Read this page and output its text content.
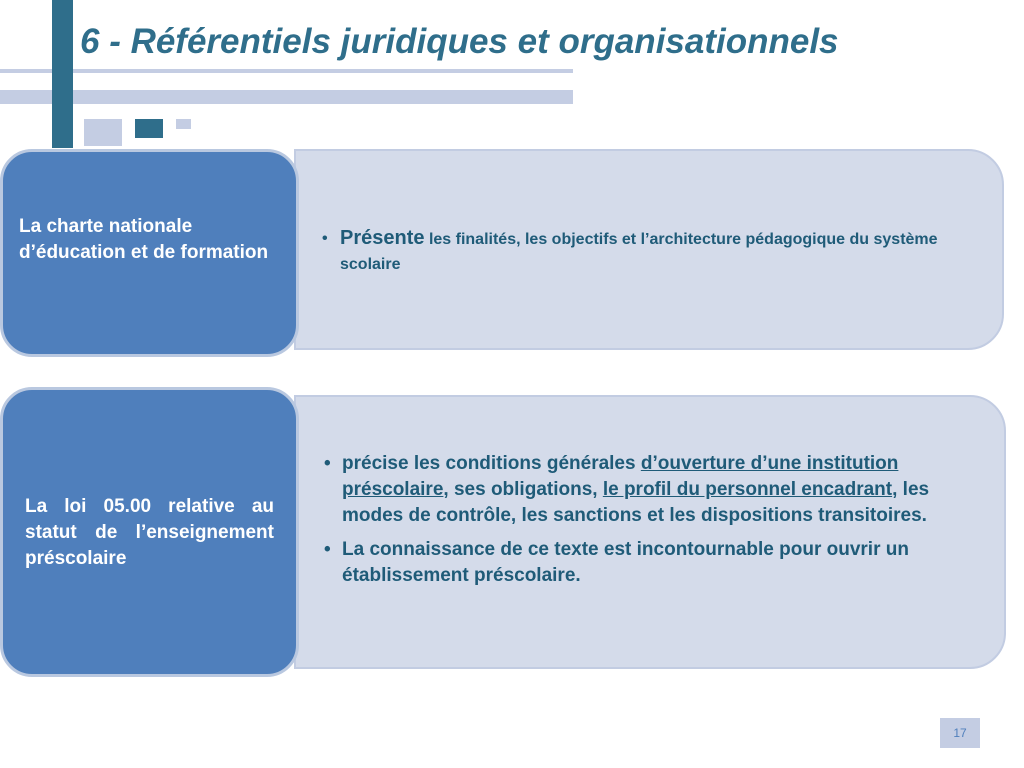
6 - Référentiels juridiques et organisationnels
La charte nationale d’éducation et de formation
• Présente les finalités, les objectifs et l’architecture pédagogique du système scolaire
La loi 05.00 relative au statut de l’enseignement préscolaire
• précise les conditions générales d’ouverture d’une institution préscolaire, ses obligations, le profil du personnel encadrant, les modes de contrôle, les sanctions et les dispositions transitoires.
• La connaissance de ce texte est incontournable pour ouvrir un établissement préscolaire.
17
